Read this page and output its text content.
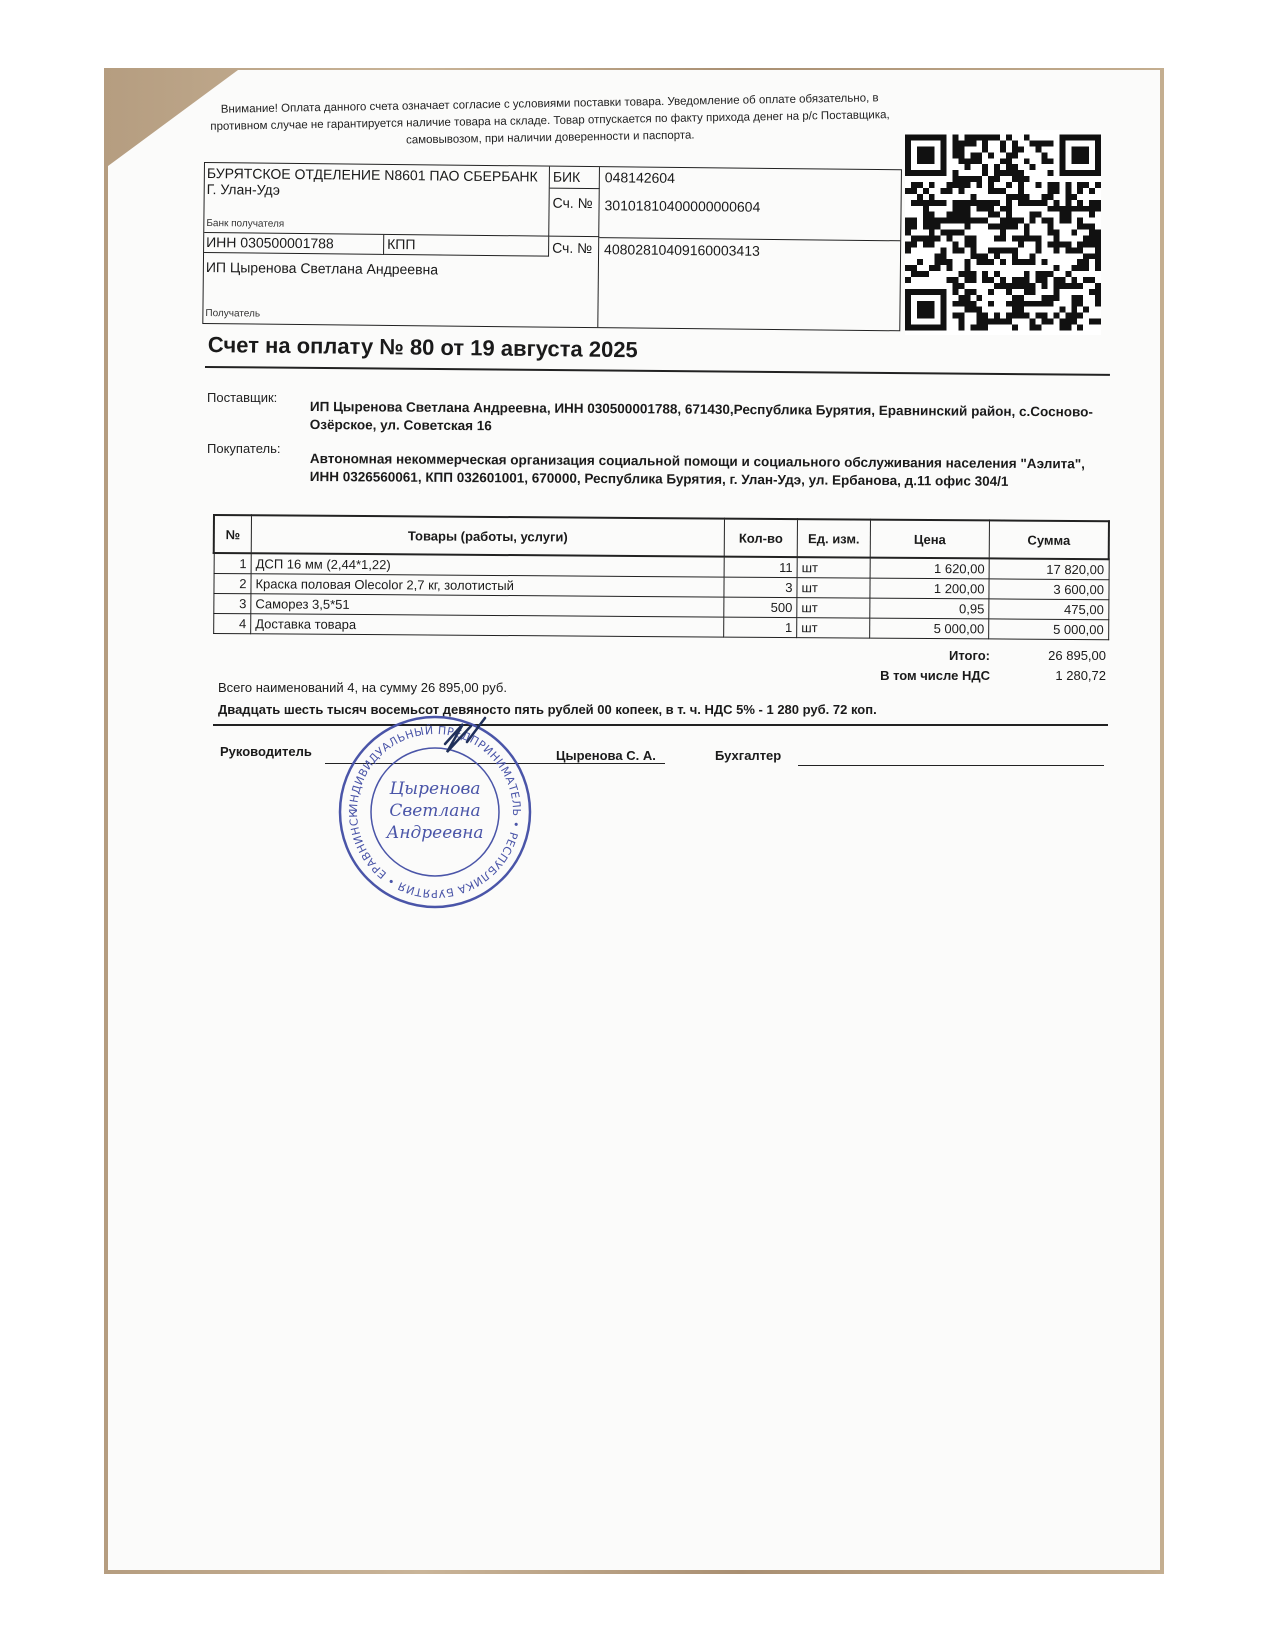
Внимание! Оплата данного счета означает согласие с условиями поставки товара. Уведомление об оплате обязательно, в противном случае не гарантируется наличие товара на складе. Товар отпускается по факту прихода денег на р/с Поставщика, самовывозом, при наличии доверенности и паспорта.
БУРЯТСКОЕ ОТДЕЛЕНИЕ N8601 ПАО СБЕРБАНК
Г. Улан-Удэ
Банк получателя
БИК 048142604
Сч. № 30101810400000000604
ИНН 030500001788	КПП	Сч. № 40802810409160003413
ИП Цыренова Светлана Андреевна
Получатель
Счет на оплату № 80 от 19 августа 2025
Поставщик:
ИП Цыренова Светлана Андреевна, ИНН 030500001788, 671430,Республика Бурятия, Еравнинский район, с.Сосново-Озёрское, ул. Советская 16
Покупатель:
Автономная некоммерческая организация социальной помощи и социального обслуживания населения "Аэлита", ИНН 0326560061, КПП 032601001, 670000, Республика Бурятия, г. Улан-Удэ, ул. Ербанова, д.11 офис 304/1
№	Товары (работы, услуги)	Кол-во	Ед. изм.	Цена	Сумма
1	ДСП 16 мм (2,44*1,22)	11	шт	1 620,00	17 820,00
2	Краска половая Olecolor 2,7 кг, золотистый	3	шт	1 200,00	3 600,00
3	Саморез 3,5*51	500	шт	0,95	475,00
4	Доставка товара	1	шт	5 000,00	5 000,00
Итого:	26 895,00
В том числе НДС	1 280,72
Всего наименований 4, на сумму 26 895,00 руб.
Двадцать шесть тысяч восемьсот девяносто пять рублей 00 копеек, в т. ч. НДС 5% - 1 280 руб. 72 коп.
Руководитель	Цыренова С. А.	Бухгалтер
ИНДИВИДУАЛЬНЫЙ ПРЕДПРИНИМАТЕЛЬ • РЕСПУБЛИКА БУРЯТИЯ • ЕРАВНИНСК
Цыренова
Светлана
Андреевна
